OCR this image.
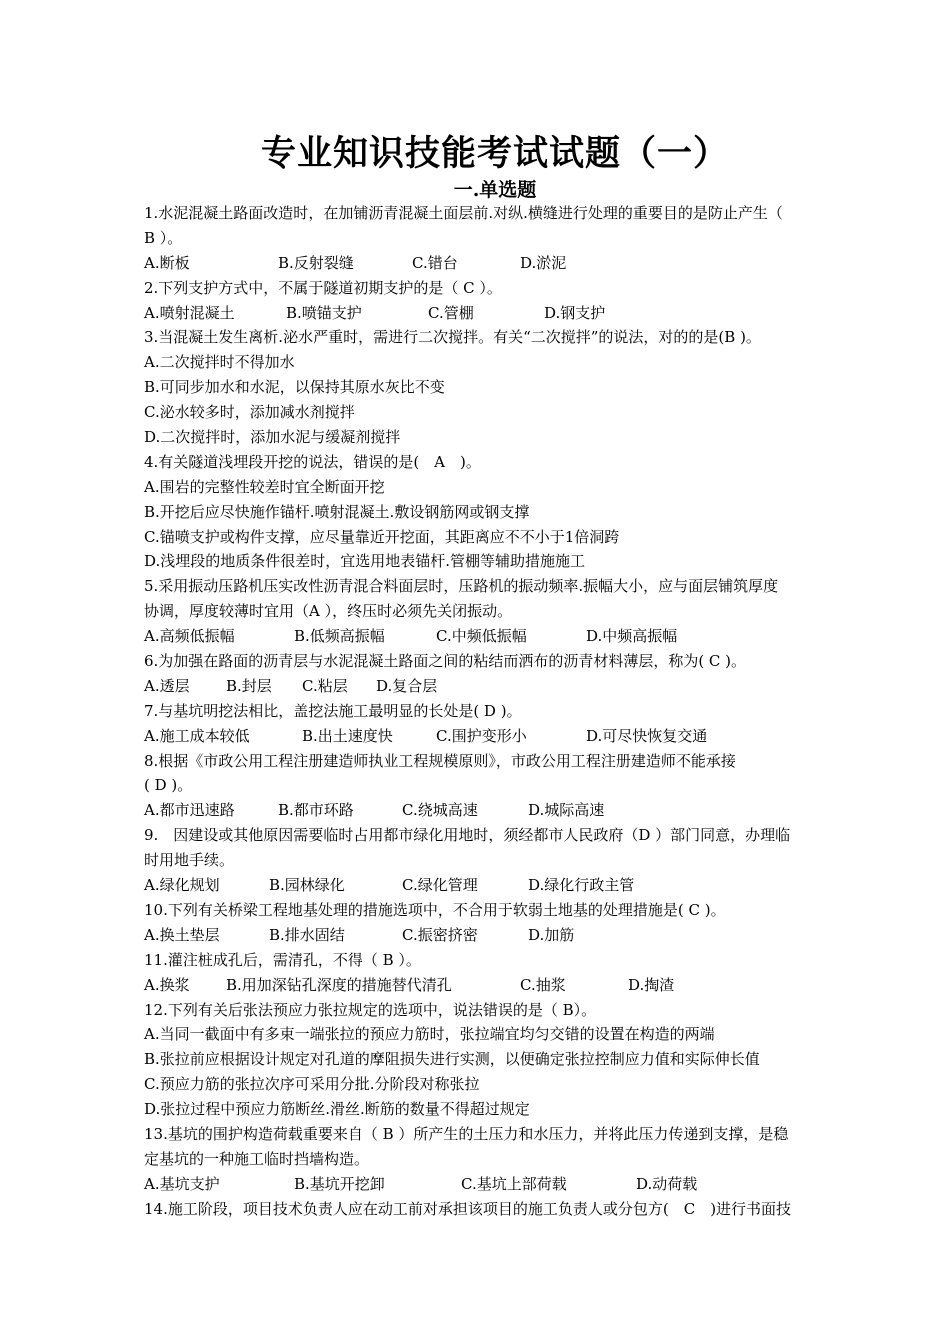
专业知识技能考试试题（一）
一.单选题
1.水泥混凝土路面改造时，在加铺沥青混凝土面层前.对纵.横缝进行处理的重要目的是防止产生（
B ）。
A.断板	B.反射裂缝	C.错台	D.淤泥
2.下列支护方式中，不属于隧道初期支护的是（ C ）。
A.喷射混凝土	B.喷锚支护	C.管棚	D.钢支护
3.当混凝土发生离析.泌水严重时，需进行二次搅拌。有关“二次搅拌”的说法，对的的是(B )。
A.二次搅拌时不得加水
B.可同步加水和水泥，以保持其原水灰比不变
C.泌水较多时，添加减水剂搅拌
D.二次搅拌时，添加水泥与缓凝剂搅拌
4.有关隧道浅埋段开挖的说法，错误的是(　A　)。
A.围岩的完整性较差时宜全断面开挖
B.开挖后应尽快施作锚杆.喷射混凝土.敷设钢筋网或钢支撑
C.锚喷支护或构件支撑，应尽量靠近开挖面，其距离应不不小于1倍洞跨
D.浅埋段的地质条件很差时，宜选用地表锚杆.管棚等辅助措施施工
5.采用振动压路机压实改性沥青混合料面层时，压路机的振动频率.振幅大小，应与面层铺筑厚度
协调，厚度较薄时宜用（A ），终压时必须先关闭振动。
A.高频低振幅	B.低频高振幅	C.中频低振幅	D.中频高振幅
6.为加强在路面的沥青层与水泥混凝土路面之间的粘结而洒布的沥青材料薄层，称为( C )。
A.透层 B.封层 C.粘层 D.复合层
7.与基坑明挖法相比，盖挖法施工最明显的长处是( D )。
A.施工成本较低	B.出土速度快	C.围护变形小	D.可尽快恢复交通
8.根据《市政公用工程注册建造师执业工程规模原则》，市政公用工程注册建造师不能承接
( D )。
A.都市迅速路	B.都市环路	C.绕城高速	D.城际高速
9.　因建设或其他原因需要临时占用都市绿化用地时，须经都市人民政府（D ）部门同意，办理临
时用地手续。
A.绿化规划	B.园林绿化	C.绿化管理	D.绿化行政主管
10.下列有关桥梁工程地基处理的措施选项中，不合用于软弱土地基的处理措施是( C )。
A.换土垫层	B.排水固结	C.振密挤密	D.加筋
11.灌注桩成孔后，需清孔，不得（ B ）。
A.换浆 B.用加深钻孔深度的措施替代清孔	C.抽浆	D.掏渣
12.下列有关后张法预应力张拉规定的选项中，说法错误的是（ B）。
A.当同一截面中有多束一端张拉的预应力筋时，张拉端宜均匀交错的设置在构造的两端
B.张拉前应根据设计规定对孔道的摩阻损失进行实测，以便确定张拉控制应力值和实际伸长值
C.预应力筋的张拉次序可采用分批.分阶段对称张拉
D.张拉过程中预应力筋断丝.滑丝.断筋的数量不得超过规定
13.基坑的围护构造荷载重要来自（ B ）所产生的土压力和水压力，并将此压力传递到支撑，是稳
定基坑的一种施工临时挡墙构造。
A.基坑支护	B.基坑开挖卸	C.基坑上部荷载	D.动荷载
14.施工阶段，项目技术负责人应在动工前对承担该项目的施工负责人或分包方(　C　)进行书面技
